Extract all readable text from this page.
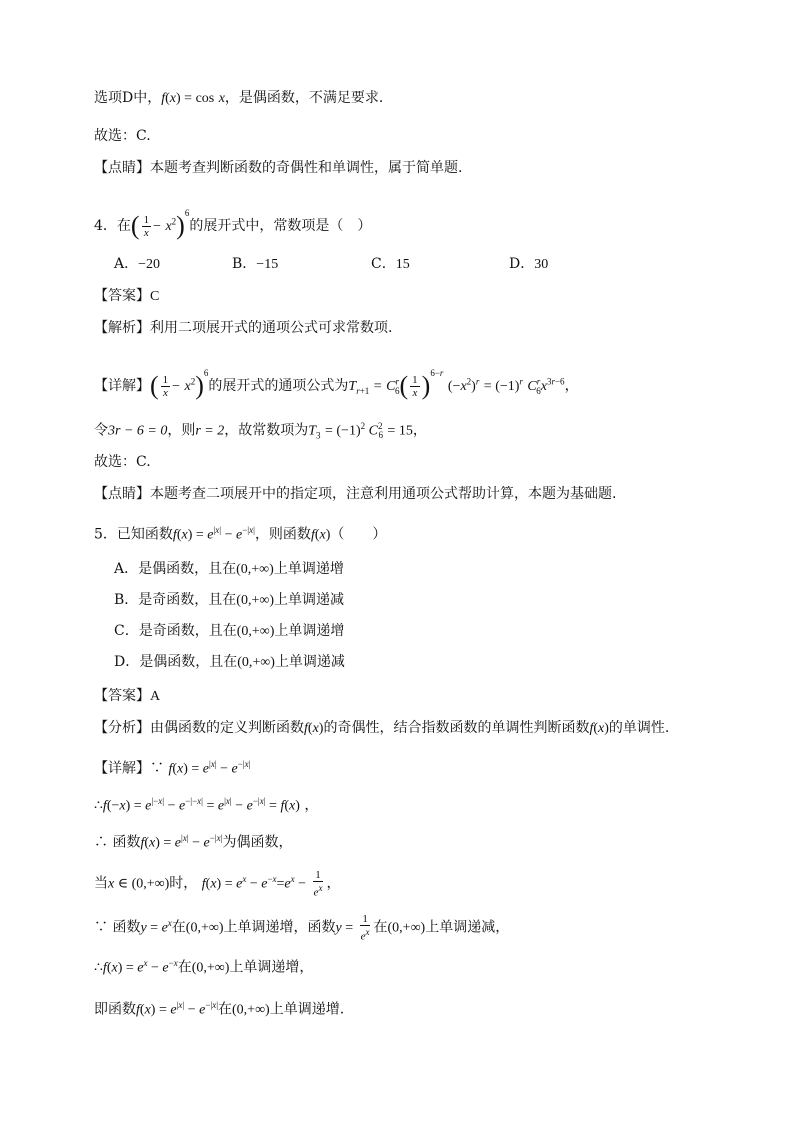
选项D中，f(x) = cos x，是偶函数，不满足要求.
故选：C.
【点睛】本题考查判断函数的奇偶性和单调性，属于简单题.
4．在( $\frac{1}{x} - x^2)^6$的展开式中，常数项是（　）
A．−20	B．−15	C．15	D．30
【答案】C
【解析】利用二项展开式的通项公式可求常数项.
【详解】( $\frac{1}{x} - x^2)^6$的展开式的通项公式为$T_{r+1} = C^r_6( \frac{1}{x} )^{6-r}$ $(-x^2)^r = (-1)^r$ $C^r_6x^{3r-6}$，
令3r − 6 = 0，则r = 2，故常数项为$T_3 = (-1)^2$ $C^2_6 = 15$，
故选：C.
【点睛】本题考查二项展开中的指定项，注意利用通项公式帮助计算，本题为基础题.
5．已知函数$f(x) = e^{|x|} - e^{-|x|}$，则函数f(x)（　　）
A．是偶函数，且在(0,+∞)上单调递增
B．是奇函数，且在(0,+∞)上单调递减
C．是奇函数，且在(0,+∞)上单调递增
D．是偶函数，且在(0,+∞)上单调递减
【答案】A
【分析】由偶函数的定义判断函数f(x)的奇偶性，结合指数函数的单调性判断函数f(x)的单调性.
【详解】∵ $f(x) = e^{|x|} - e^{-|x|}$
∴f(−x) = $e^{|-x|} - e^{-|-x|} = e^{|x|} - e^{-|x|} = f(x)$ ，
∴ 函数$f(x) = e^{|x|} - e^{-|x|}$为偶函数，
当x ∈ (0,+∞)时， $f(x) = e^x - e^{-x}=e^x - \frac{1}{e^x}$ ，
∵ 函数$y = e^x$在(0,+∞)上单调递增，函数$y = \frac{1}{e^x}$ 在(0,+∞)上单调递减，
∴f(x) = $e^x - e^{-x}$在(0,+∞)上单调递增，
即函数$f(x) = e^{|x|} - e^{-|x|}$在(0,+∞)上单调递增.
